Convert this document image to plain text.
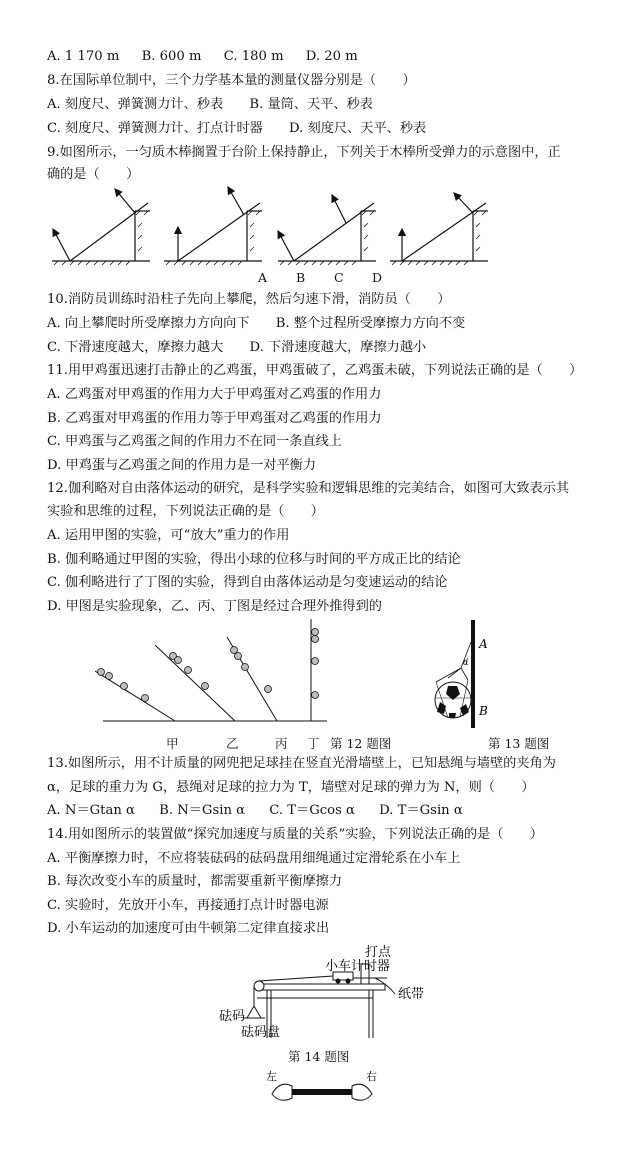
A. 1 170 m B. 600 m C. 180 m D. 20 m
8.在国际单位制中，三个力学基本量的测量仪器分别是（　　）
A. 刻度尺、弹簧测力计、秒表 B. 量筒、天平、秒表
C. 刻度尺、弹簧测力计、打点计时器 D. 刻度尺、天平、秒表
9.如图所示，一匀质木棒搁置于台阶上保持静止，下列关于木棒所受弹力的示意图中，正
确的是（　　）
A B C D
10.消防员训练时沿柱子先向上攀爬，然后匀速下滑，消防员（　　）
A. 向上攀爬时所受摩擦力方向向下 B. 整个过程所受摩擦力方向不变
C. 下滑速度越大，摩擦力越大 D. 下滑速度越大，摩擦力越小
11.用甲鸡蛋迅速打击静止的乙鸡蛋，甲鸡蛋破了，乙鸡蛋未破，下列说法正确的是（　　）
A. 乙鸡蛋对甲鸡蛋的作用力大于甲鸡蛋对乙鸡蛋的作用力
B. 乙鸡蛋对甲鸡蛋的作用力等于甲鸡蛋对乙鸡蛋的作用力
C. 甲鸡蛋与乙鸡蛋之间的作用力不在同一条直线上
D. 甲鸡蛋与乙鸡蛋之间的作用力是一对平衡力
12.伽利略对自由落体运动的研究，是科学实验和逻辑思维的完美结合，如图可大致表示其
实验和思维的过程，下列说法正确的是（　　）
A. 运用甲图的实验，可“放大”重力的作用
B. 伽利略通过甲图的实验，得出小球的位移与时间的平方成正比的结论
C. 伽利略进行了丁图的实验，得到自由落体运动是匀变速运动的结论
D. 甲图是实验现象，乙、丙、丁图是经过合理外推得到的
甲	乙	丙 丁 第 12 题图
A
B
α
第 13 题图
13.如图所示，用不计质量的网兜把足球挂在竖直光滑墙壁上，已知悬绳与墙壁的夹角为
α，足球的重力为 G，悬绳对足球的拉力为 T，墙壁对足球的弹力为 N，则（　　）
A. N＝Gtan α B. N＝Gsin α C. T＝Gcos α D. T＝Gsin α
14.用如图所示的装置做“探究加速度与质量的关系”实验，下列说法正确的是（　　）
A. 平衡摩擦力时，不应将装砝码的砝码盘用细绳通过定滑轮系在小车上
B. 每次改变小车的质量时，都需要重新平衡摩擦力
C. 实验时，先放开小车，再接通打点计时器电源
D. 小车运动的加速度可由牛顿第二定律直接求出
打点
计时器
小车
纸带
砝码
砝码盘
第 14 题图
左	右
